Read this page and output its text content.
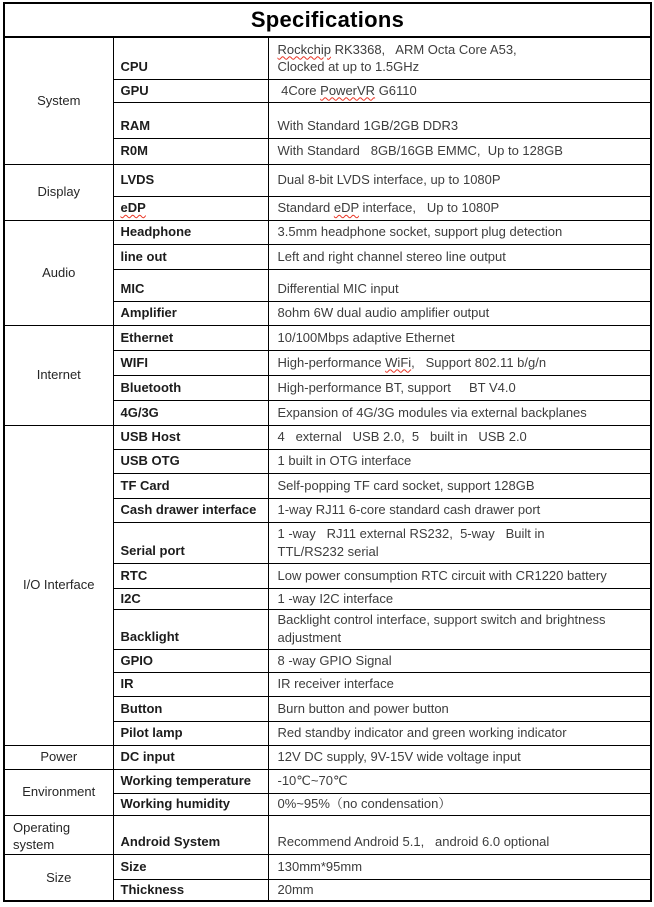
Specifications		
System	CPU	Rockchip RK3368,   ARM Octa Core A53,
Clocked at up to 1.5GHz
	GPU	4Core PowerVR G6110
	RAM	With Standard 1GB/2GB DDR3
	R0M	With Standard   8GB/16GB EMMC,  Up to 128GB
Display	LVDS	Dual 8-bit LVDS interface, up to 1080P
	eDP	Standard eDP interface,   Up to 1080P
Audio	Headphone	3.5mm headphone socket, support plug detection
	line out	Left and right channel stereo line output
	MIC	Differential MIC input
	Amplifier	8ohm 6W dual audio amplifier output
Internet	Ethernet	10/100Mbps adaptive Ethernet
	WIFI	High-performance WiFi,   Support 802.11 b/g/n
	Bluetooth	High-performance BT, support     BT V4.0
	4G/3G	Expansion of 4G/3G modules via external backplanes
I/O Interface	USB Host	4   external   USB 2.0,  5   built in   USB 2.0
	USB OTG	1 built in OTG interface
	TF Card	Self-popping TF card socket, support 128GB
	Cash drawer interface	1-way RJ11 6-core standard cash drawer port
	Serial port	1 -way   RJ11 external RS232,  5-way   Built in
TTL/RS232 serial
	RTC	Low power consumption RTC circuit with CR1220 battery
	I2C	1 -way I2C interface
	Backlight	Backlight control interface, support switch and brightness
adjustment
	GPIO	8 -way GPIO Signal
	IR	IR receiver interface
	Button	Burn button and power button
	Pilot lamp	Red standby indicator and green working indicator
Power	DC input	12V DC supply, 9V-15V wide voltage input
Environment	Working temperature	-10℃~70℃
	Working humidity	0%~95%（no condensation）
Operating system	Android System	Recommend Android 5.1,   android 6.0 optional
Size	Size	130mm*95mm
	Thickness	20mm
